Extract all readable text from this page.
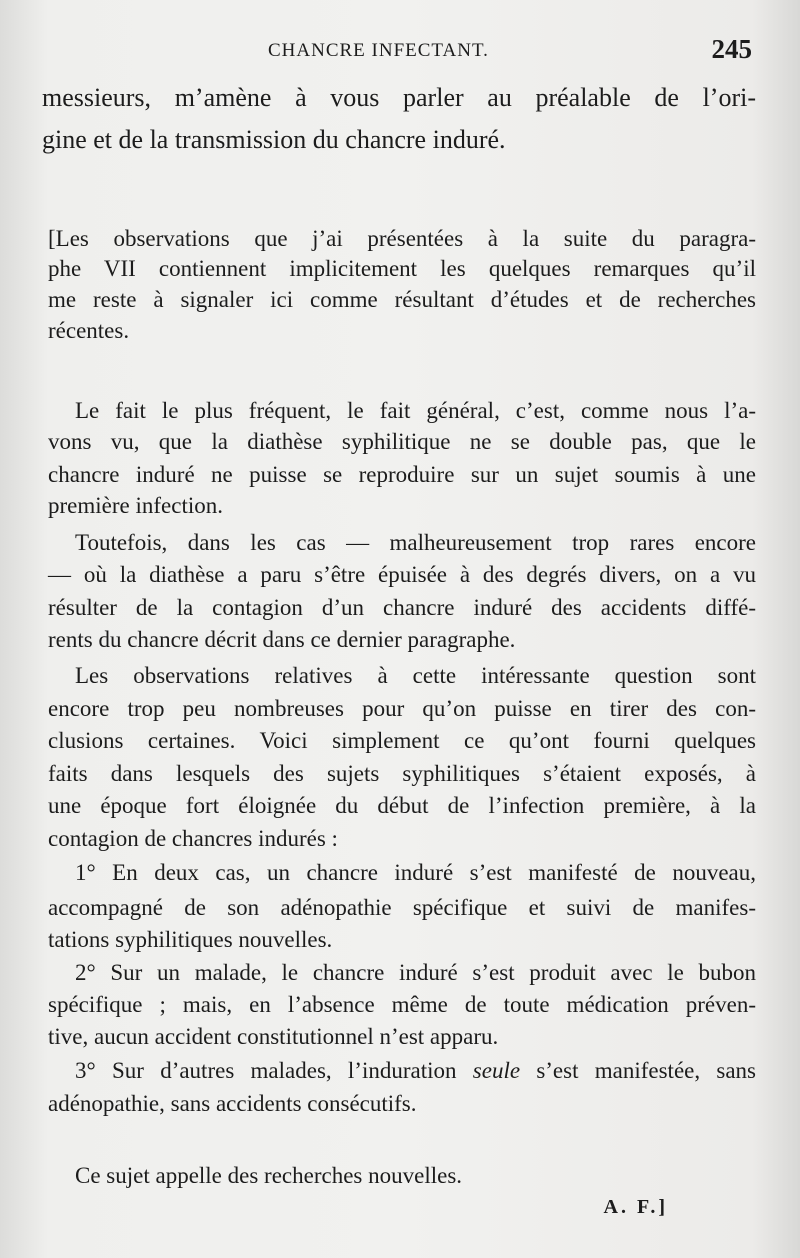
CHANCRE INFECTANT.	245
messieurs, m’amène à vous parler au préalable de l’ori-
gine et de la transmission du chancre induré.
[Les observations que j’ai présentées à la suite du paragra-
phe VII contiennent implicitement les quelques remarques qu’il
me reste à signaler ici comme résultant d’études et de recherches
récentes.
Le fait le plus fréquent, le fait général, c’est, comme nous l’a-
vons vu, que la diathèse syphilitique ne se double pas, que le
chancre induré ne puisse se reproduire sur un sujet soumis à une
première infection.
Toutefois, dans les cas — malheureusement trop rares encore
— où la diathèse a paru s’être épuisée à des degrés divers, on a vu
résulter de la contagion d’un chancre induré des accidents diffé-
rents du chancre décrit dans ce dernier paragraphe.
Les observations relatives à cette intéressante question sont
encore trop peu nombreuses pour qu’on puisse en tirer des con-
clusions certaines. Voici simplement ce qu’ont fourni quelques
faits dans lesquels des sujets syphilitiques s’étaient exposés, à
une époque fort éloignée du début de l’infection première, à la
contagion de chancres indurés :
1° En deux cas, un chancre induré s’est manifesté de nouveau,
accompagné de son adénopathie spécifique et suivi de manifes-
tations syphilitiques nouvelles.
2° Sur un malade, le chancre induré s’est produit avec le bubon
spécifique ; mais, en l’absence même de toute médication préven-
tive, aucun accident constitutionnel n’est apparu.
3° Sur d’autres malades, l’induration seule s’est manifestée, sans
adénopathie, sans accidents consécutifs.
Ce sujet appelle des recherches nouvelles.
A. F.]
